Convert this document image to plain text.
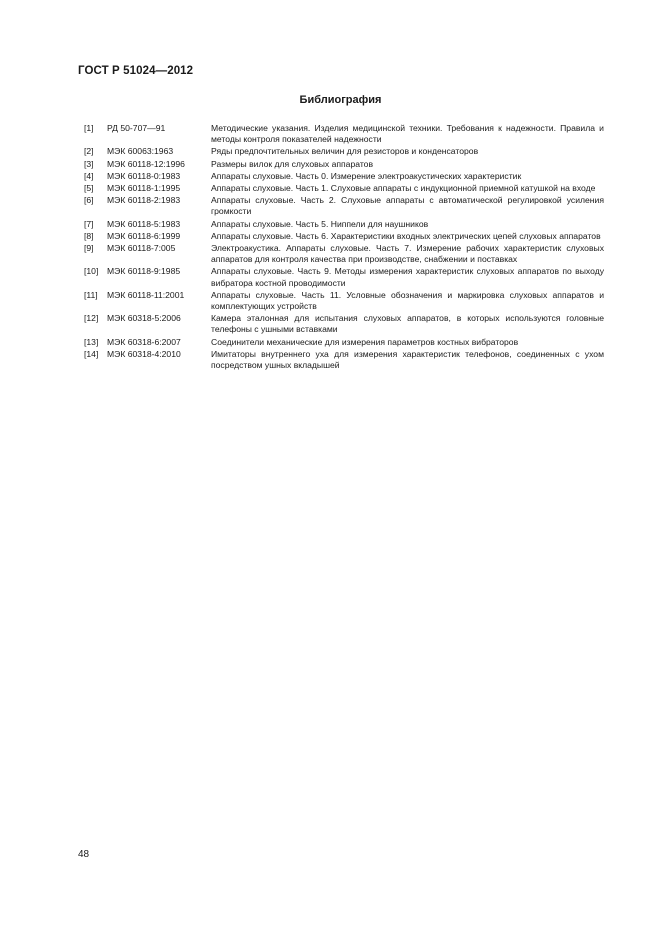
ГОСТ Р 51024—2012
Библиография
[1]	РД 50-707—91	Методические указания. Изделия медицинской техники. Требования к надежности. Правила и методы контроля показателей надежности
[2]	МЭК 60063:1963	Ряды предпочтительных величин для резисторов и конденсаторов
[3]	МЭК 60118-12:1996	Размеры вилок для слуховых аппаратов
[4]	МЭК 60118-0:1983	Аппараты слуховые. Часть 0. Измерение электроакустических характеристик
[5]	МЭК 60118-1:1995	Аппараты слуховые. Часть 1. Слуховые аппараты с индукционной приемной катушкой на входе
[6]	МЭК 60118-2:1983	Аппараты слуховые. Часть 2. Слуховые аппараты с автоматической регулировкой усиления громкости
[7]	МЭК 60118-5:1983	Аппараты слуховые. Часть 5. Ниппели для наушников
[8]	МЭК 60118-6:1999	Аппараты слуховые. Часть 6. Характеристики входных электрических цепей слуховых аппаратов
[9]	МЭК 60118-7:005	Электроакустика. Аппараты слуховые. Часть 7. Измерение рабочих характеристик слуховых аппаратов для контроля качества при производстве, снабжении и поставках
[10]	МЭК 60118-9:1985	Аппараты слуховые. Часть 9. Методы измерения характеристик слуховых аппаратов по выходу вибратора костной проводимости
[11]	МЭК 60118-11:2001	Аппараты слуховые. Часть 11. Условные обозначения и маркировка слуховых аппаратов и комплектующих устройств
[12]	МЭК 60318-5:2006	Камера эталонная для испытания слуховых аппаратов, в которых используются головные телефоны с ушными вставками
[13]	МЭК 60318-6:2007	Соединители механические для измерения параметров костных вибраторов
[14]	МЭК 60318-4:2010	Имитаторы внутреннего уха для измерения характеристик телефонов, соединенных с ухом посредством ушных вкладышей
48
